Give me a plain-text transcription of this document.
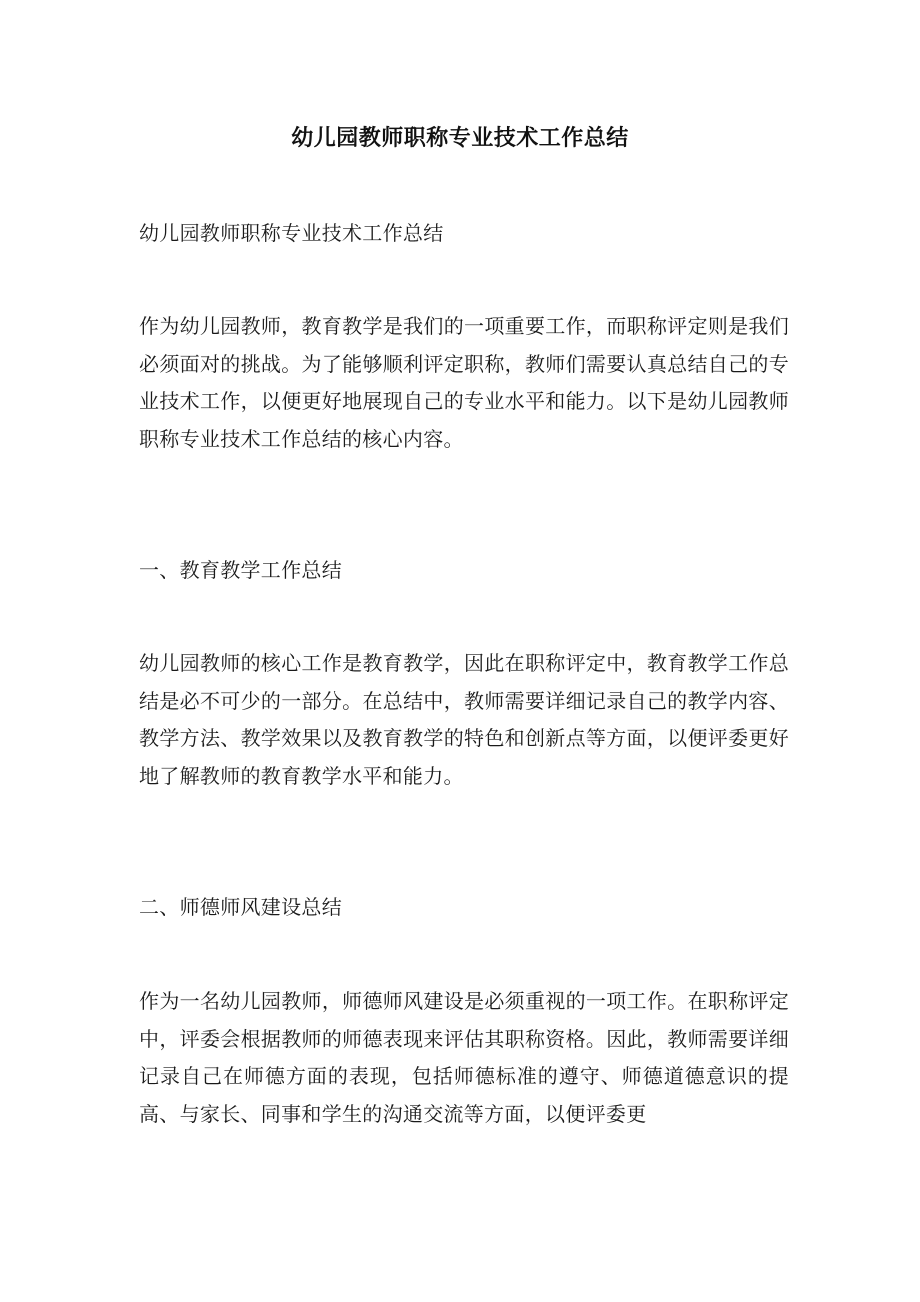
幼儿园教师职称专业技术工作总结
幼儿园教师职称专业技术工作总结
作为幼儿园教师，教育教学是我们的一项重要工作，而职称评定则是我们必须面对的挑战。为了能够顺利评定职称，教师们需要认真总结自己的专业技术工作，以便更好地展现自己的专业水平和能力。以下是幼儿园教师职称专业技术工作总结的核心内容。
一、教育教学工作总结
幼儿园教师的核心工作是教育教学，因此在职称评定中，教育教学工作总结是必不可少的一部分。在总结中，教师需要详细记录自己的教学内容、教学方法、教学效果以及教育教学的特色和创新点等方面，以便评委更好地了解教师的教育教学水平和能力。
二、师德师风建设总结
作为一名幼儿园教师，师德师风建设是必须重视的一项工作。在职称评定中，评委会根据教师的师德表现来评估其职称资格。因此，教师需要详细记录自己在师德方面的表现，包括师德标准的遵守、师德道德意识的提高、与家长、同事和学生的沟通交流等方面，以便评委更
